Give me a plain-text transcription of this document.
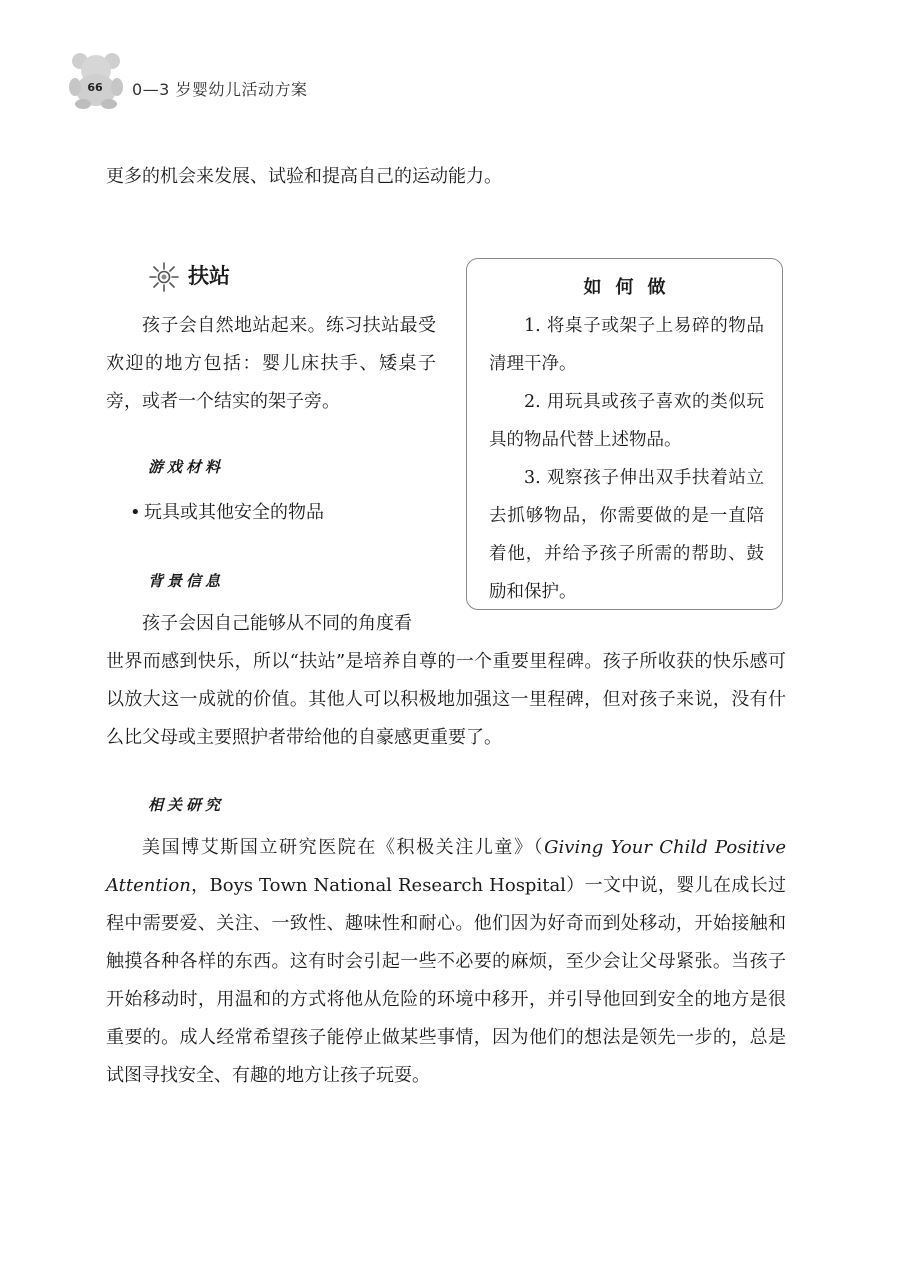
66	0—3 岁婴幼儿活动方案

更多的机会来发展、试验和提高自己的运动能力。

扶站

孩子会自然地站起来。练习扶站最受欢迎的地方包括：婴儿床扶手、矮桌子旁，或者一个结实的架子旁。

游戏材料
• 玩具或其他安全的物品
背景信息

孩子会因自己能够从不同的角度看

世界而感到快乐，所以“扶站”是培养自尊的一个重要里程碑。孩子所收获的快乐感可以放大这一成就的价值。其他人可以积极地加强这一里程碑，但对孩子来说，没有什么比父母或主要照护者带给他的自豪感更重要了。

如何做

1. 将桌子或架子上易碎的物品清理干净。

2. 用玩具或孩子喜欢的类似玩具的物品代替上述物品。

3. 观察孩子伸出双手扶着站立去抓够物品，你需要做的是一直陪着他，并给予孩子所需的帮助、鼓励和保护。

相关研究

美国博艾斯国立研究医院在《积极关注儿童》（Giving Your Child Positive Attention，Boys Town National Research Hospital）一文中说，婴儿在成长过程中需要爱、关注、一致性、趣味性和耐心。他们因为好奇而到处移动，开始接触和触摸各种各样的东西。这有时会引起一些不必要的麻烦，至少会让父母紧张。当孩子开始移动时，用温和的方式将他从危险的环境中移开，并引导他回到安全的地方是很重要的。成人经常希望孩子能停止做某些事情，因为他们的想法是领先一步的，总是试图寻找安全、有趣的地方让孩子玩耍。
